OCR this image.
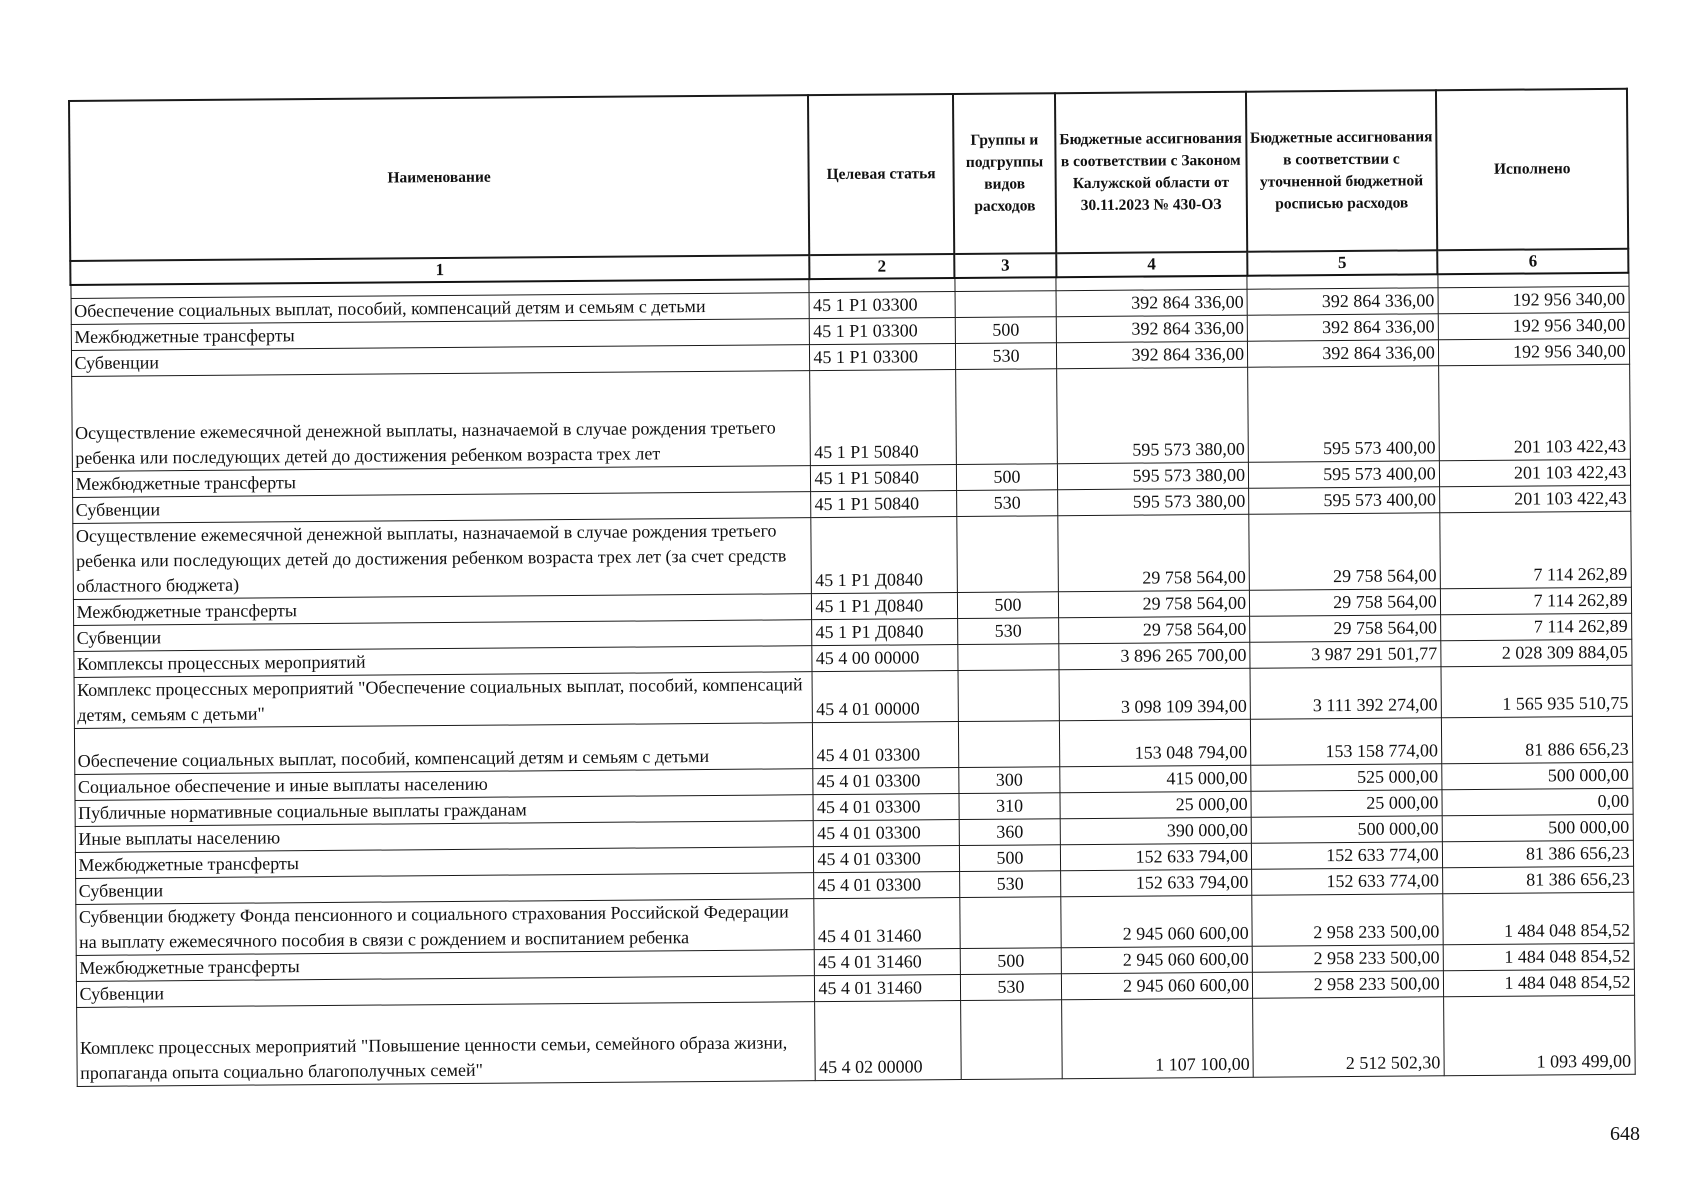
Наименование	Целевая статья	Группы и подгруппы видов расходов	Бюджетные ассигнования в соответствии с Законом Калужской области от 30.11.2023 № 430-ОЗ	Бюджетные ассигнования в соответствии с уточненной бюджетной росписью расходов	Исполнено
1	2	3	4	5	6

Обеспечение социальных выплат, пособий, компенсаций детям и семьям с детьми	45 1 P1 03300		392 864 336,00	392 864 336,00	192 956 340,00
Межбюджетные трансферты	45 1 P1 03300	500	392 864 336,00	392 864 336,00	192 956 340,00
Субвенции	45 1 P1 03300	530	392 864 336,00	392 864 336,00	192 956 340,00
Осуществление ежемесячной денежной выплаты, назначаемой в случае рождения третьего ребенка или последующих детей до достижения ребенком возраста трех лет	45 1 P1 50840		595 573 380,00	595 573 400,00	201 103 422,43
Межбюджетные трансферты	45 1 P1 50840	500	595 573 380,00	595 573 400,00	201 103 422,43
Субвенции	45 1 P1 50840	530	595 573 380,00	595 573 400,00	201 103 422,43
Осуществление ежемесячной денежной выплаты, назначаемой в случае рождения третьего ребенка или последующих детей до достижения ребенком возраста трех лет (за счет средств областного бюджета)	45 1 P1 Д0840		29 758 564,00	29 758 564,00	7 114 262,89
Межбюджетные трансферты	45 1 P1 Д0840	500	29 758 564,00	29 758 564,00	7 114 262,89
Субвенции	45 1 P1 Д0840	530	29 758 564,00	29 758 564,00	7 114 262,89
Комплексы процессных мероприятий	45 4 00 00000		3 896 265 700,00	3 987 291 501,77	2 028 309 884,05
Комплекс процессных мероприятий "Обеспечение социальных выплат, пособий, компенсаций детям, семьям с детьми"	45 4 01 00000		3 098 109 394,00	3 111 392 274,00	1 565 935 510,75
Обеспечение социальных выплат, пособий, компенсаций детям и семьям с детьми	45 4 01 03300		153 048 794,00	153 158 774,00	81 886 656,23
Социальное обеспечение и иные выплаты населению	45 4 01 03300	300	415 000,00	525 000,00	500 000,00
Публичные нормативные социальные выплаты гражданам	45 4 01 03300	310	25 000,00	25 000,00	0,00
Иные выплаты населению	45 4 01 03300	360	390 000,00	500 000,00	500 000,00
Межбюджетные трансферты	45 4 01 03300	500	152 633 794,00	152 633 774,00	81 386 656,23
Субвенции	45 4 01 03300	530	152 633 794,00	152 633 774,00	81 386 656,23
Субвенции бюджету Фонда пенсионного и социального страхования Российской Федерации на выплату ежемесячного пособия в связи с рождением и воспитанием ребенка	45 4 01 31460		2 945 060 600,00	2 958 233 500,00	1 484 048 854,52
Межбюджетные трансферты	45 4 01 31460	500	2 945 060 600,00	2 958 233 500,00	1 484 048 854,52
Субвенции	45 4 01 31460	530	2 945 060 600,00	2 958 233 500,00	1 484 048 854,52
Комплекс процессных мероприятий "Повышение ценности семьи, семейного образа жизни, пропаганда опыта социально благополучных семей"	45 4 02 00000		1 107 100,00	2 512 502,30	1 093 499,00
648
